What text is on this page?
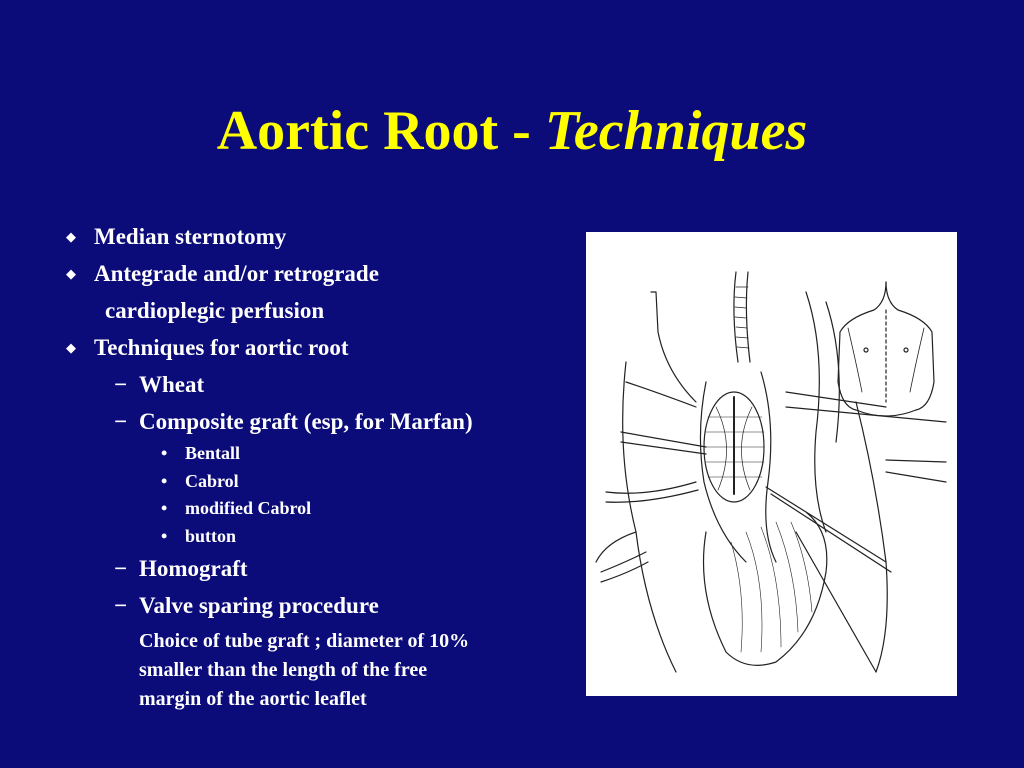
Aortic Root - Techniques
◆ Median sternotomy
◆ Antegrade and/or retrograde
cardioplegic perfusion
◆ Techniques for aortic root
− Wheat
− Composite graft (esp, for Marfan)
• Bentall
• Cabrol
• modified Cabrol
• button
− Homograft
− Valve sparing procedure
Choice of tube graft ; diameter of 10%
smaller than the length of the free
margin of the aortic leaflet
